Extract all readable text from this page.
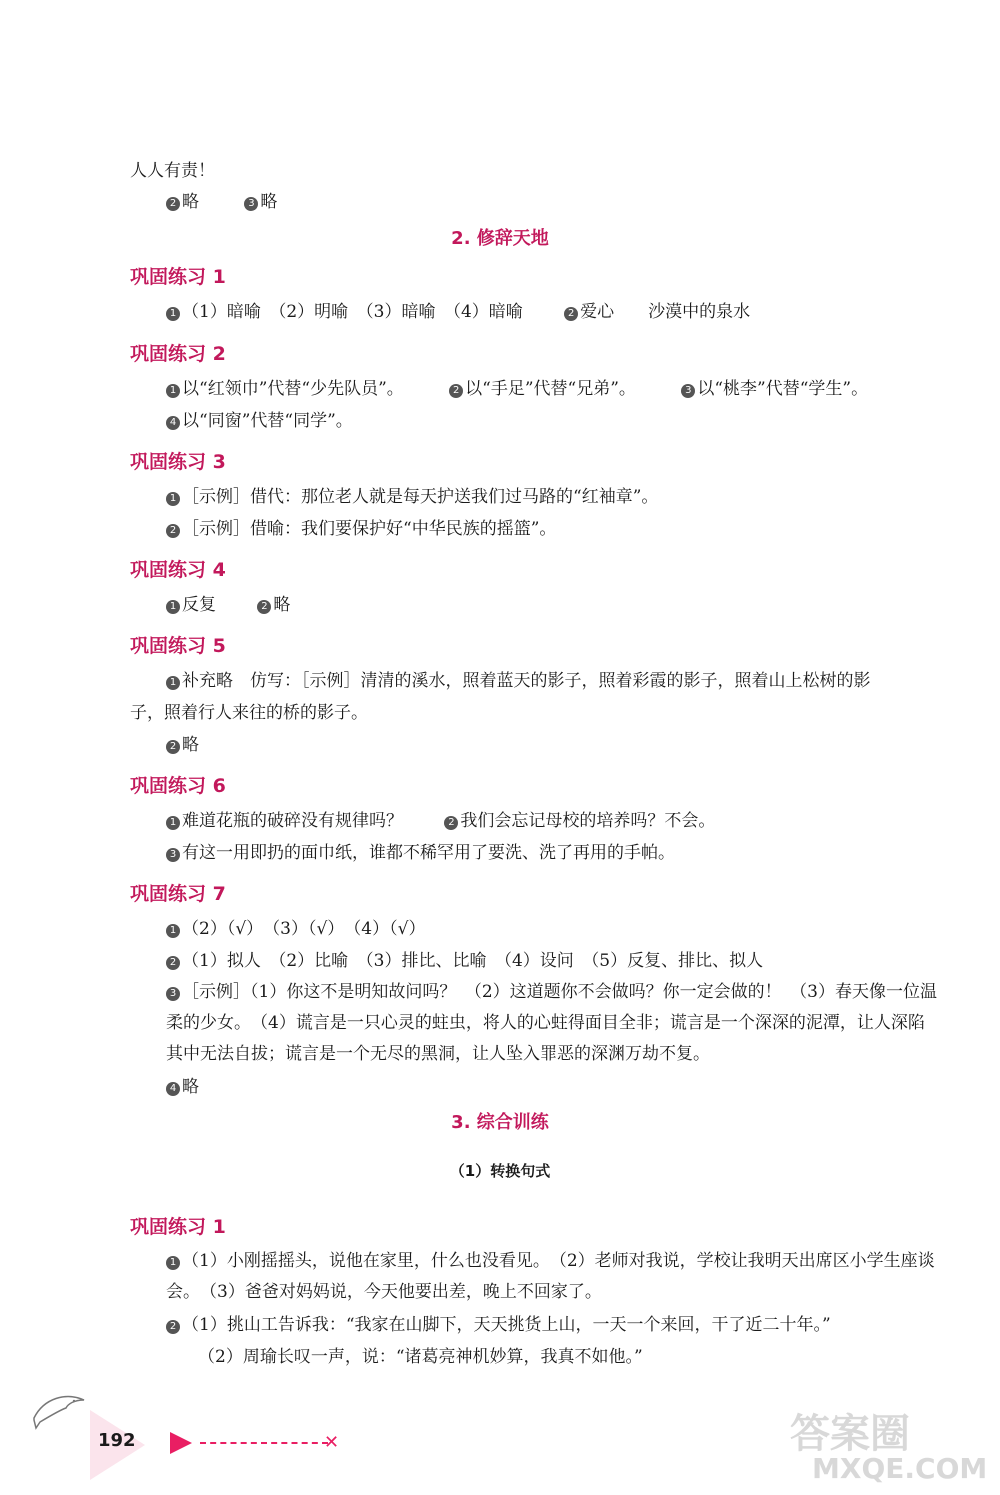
人人有责！
2 略	3 略
2. 修辞天地
巩固练习 1
1 （1）暗喻　（2）明喻　（3）暗喻　（4）暗喻	2 爱心　　沙漠中的泉水
巩固练习 2
1 以“红领巾”代替“少先队员”。	2 以“手足”代替“兄弟”。	3 以“桃李”代替“学生”。
4 以“同窗”代替“同学”。
巩固练习 3
1 ［示例］借代：那位老人就是每天护送我们过马路的“红袖章”。
2 ［示例］借喻：我们要保护好“中华民族的摇篮”。
巩固练习 4
1 反复	2 略
巩固练习 5
1 补充略　仿写：［示例］清清的溪水，照着蓝天的影子，照着彩霞的影子，照着山上松树的影
子，照着行人来往的桥的影子。
2 略
巩固练习 6
1 难道花瓶的破碎没有规律吗？	2 我们会忘记母校的培养吗？不会。
3 有这一用即扔的面巾纸，谁都不稀罕用了要洗、洗了再用的手帕。
巩固练习 7
1 （2）（√）　（3）（√）　（4）（√）
2 （1）拟人　（2）比喻　（3）排比、比喻　（4）设问　（5）反复、排比、拟人
3 ［示例］（1）你这不是明知故问吗？　（2）这道题你不会做吗？你一定会做的！　（3）春天像一位温柔的少女。　（4）谎言是一只心灵的蛀虫，将人的心蛀得面目全非；谎言是一个深深的泥潭，让人深陷其中无法自拔；谎言是一个无尽的黑洞，让人坠入罪恶的深渊万劫不复。
4 略
3. 综合训练
（1）转换句式
巩固练习 1
1 （1）小刚摇摇头，说他在家里，什么也没看见。　（2）老师对我说，学校让我明天出席区小学生座谈会。　（3）爸爸对妈妈说，今天他要出差，晚上不回家了。
2 （1）挑山工告诉我：“我家在山脚下，天天挑货上山，一天一个来回，干了近二十年。”
（2）周瑜长叹一声，说：“诸葛亮神机妙算，我真不如他。”
192	✕	答案圈
MXQE.COM
